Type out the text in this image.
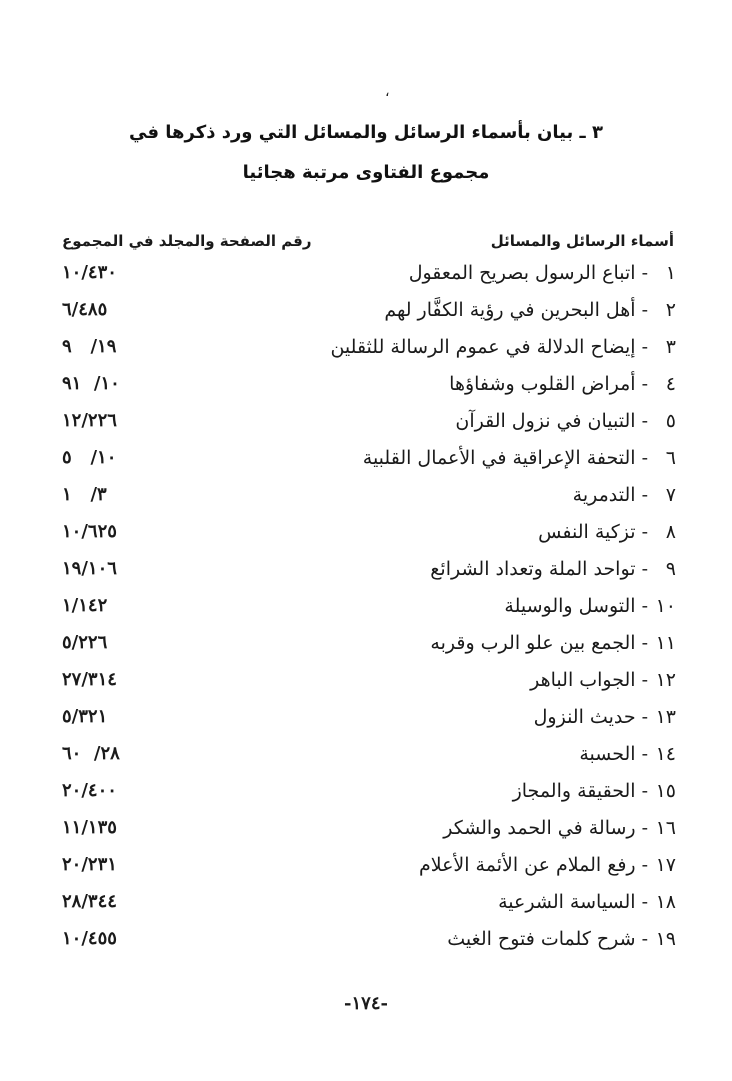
،
٣ ـ بيان بأسماء الرسائل والمسائل التي ورد ذكرها في
مجموع الفتاوى مرتبة هجائيا
أسماء الرسائل والمسائل
رقم الصفحة والمجلد في المجموع
١-اتباع الرسول بصريح المعقول
١٠/٤٣٠
٢-أهل البحرين في رؤية الكفَّار لهم
٦/٤٨٥
٣-إيضاح الدلالة في عموم الرسالة للثقلين
١٩/   ٩
٤-أمراض القلوب وشفاؤها
١٠/  ٩١
٥-التبيان في نزول القرآن
١٢/٢٢٦
٦-التحفة الإعراقية في الأعمال القلبية
١٠/   ٥
٧-التدمرية
٣/   ١
٨-تزكية النفس
١٠/٦٢٥
٩-تواحد الملة وتعداد الشرائع
١٩/١٠٦
١٠-التوسل والوسيلة
١/١٤٢
١١-الجمع بين علو الرب وقربه
٥/٢٢٦
١٢-الجواب الباهر
٢٧/٣١٤
١٣-حديث النزول
٥/٣٢١
١٤-الحسبة
٢٨/  ٦٠
١٥-الحقيقة والمجاز
٢٠/٤٠٠
١٦-رسالة في الحمد والشكر
١١/١٣٥
١٧-رفع الملام عن الأئمة الأعلام
٢٠/٢٣١
١٨-السياسة الشرعية
٢٨/٣٤٤
١٩-شرح كلمات فتوح الغيث
١٠/٤٥٥
-١٧٤-
